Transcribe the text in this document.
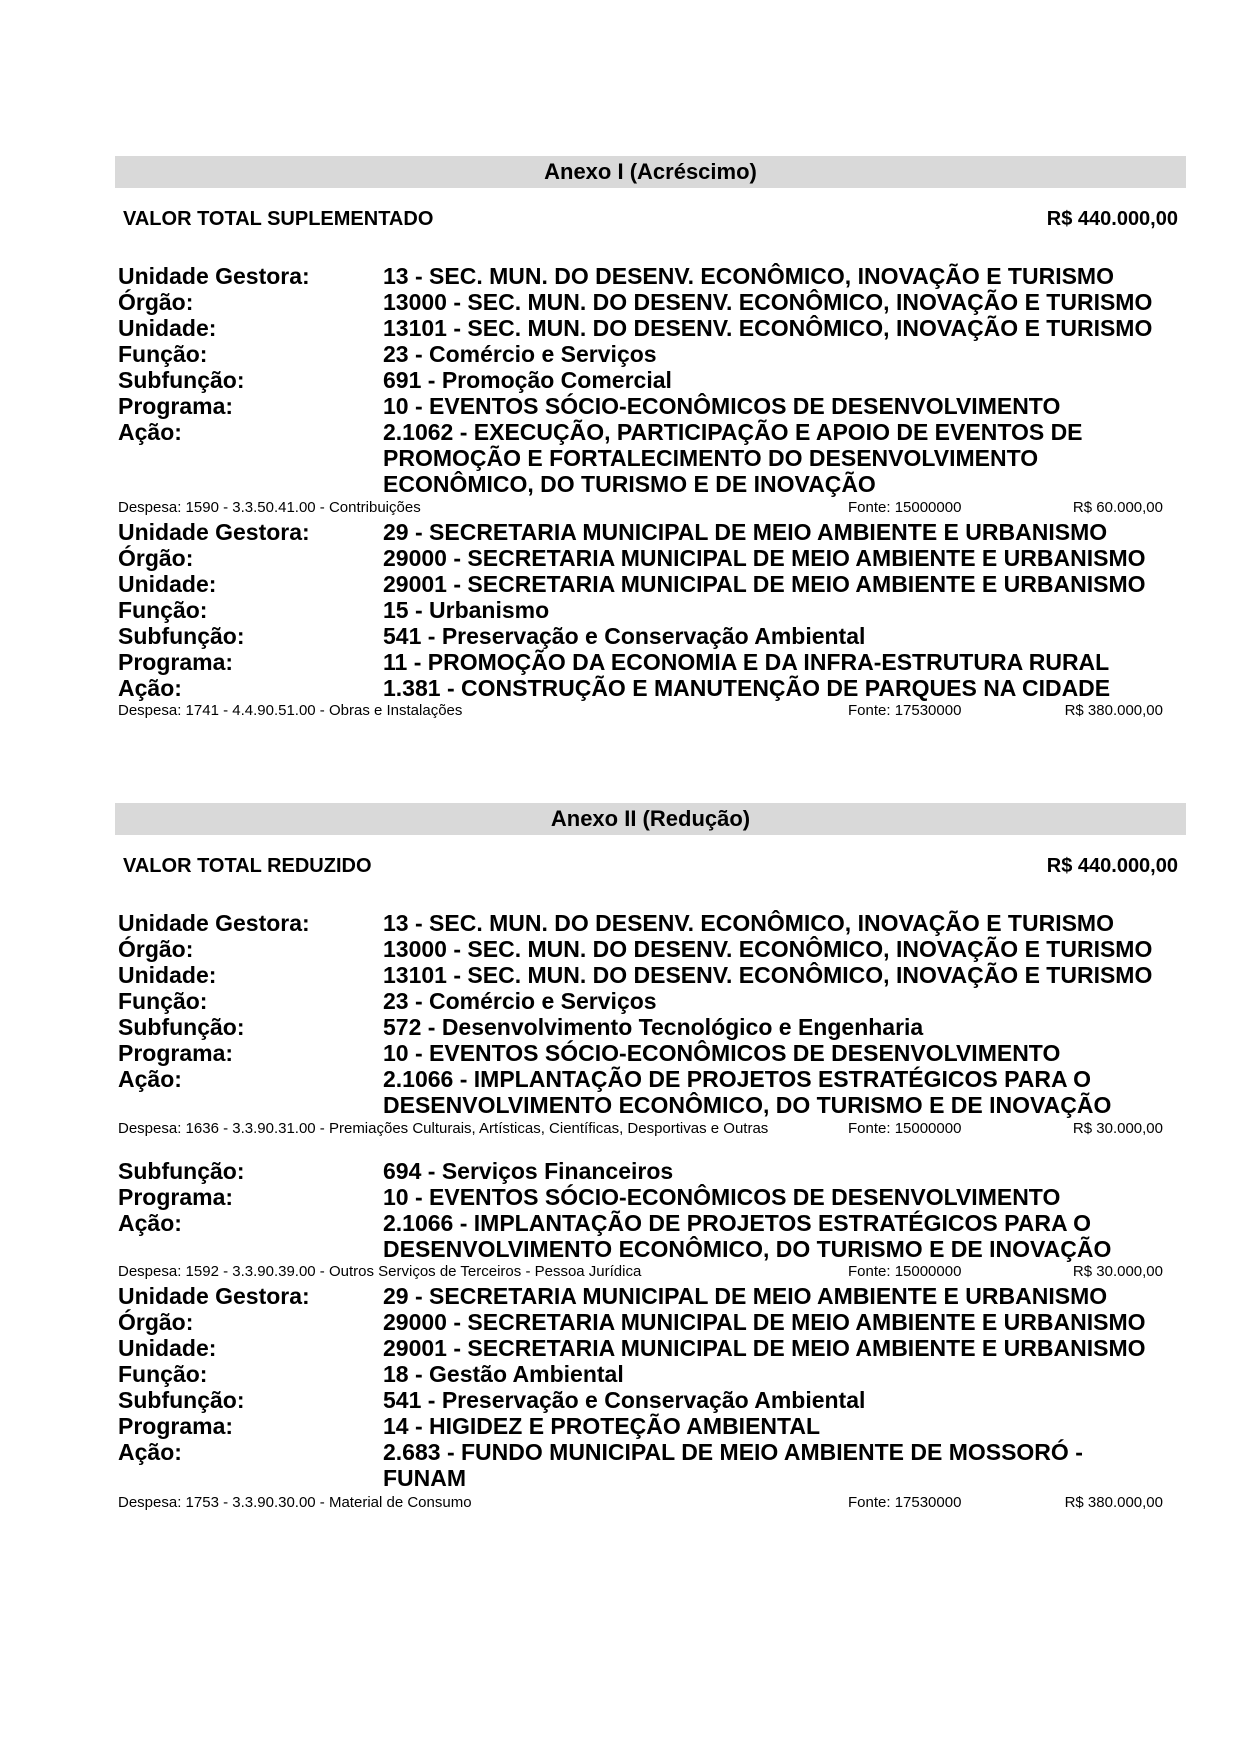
Anexo I (Acréscimo)
VALOR TOTAL SUPLEMENTADO	R$ 440.000,00
Unidade Gestora:	13 - SEC. MUN. DO DESENV. ECONÔMICO, INOVAÇÃO E TURISMO
Órgão:	13000 - SEC. MUN. DO DESENV. ECONÔMICO, INOVAÇÃO E TURISMO
Unidade:	13101 - SEC. MUN. DO DESENV. ECONÔMICO, INOVAÇÃO E TURISMO
Função:	23 - Comércio e Serviços
Subfunção:	691 - Promoção Comercial
Programa:	10 - EVENTOS SÓCIO-ECONÔMICOS DE DESENVOLVIMENTO
Ação:	2.1062 - EXECUÇÃO, PARTICIPAÇÃO E APOIO DE EVENTOS DE PROMOÇÃO E FORTALECIMENTO DO DESENVOLVIMENTO ECONÔMICO, DO TURISMO E DE INOVAÇÃO
Despesa: 1590 - 3.3.50.41.00 - Contribuições	Fonte: 15000000	R$ 60.000,00
Unidade Gestora:	29 - SECRETARIA MUNICIPAL DE MEIO AMBIENTE E URBANISMO
Órgão:	29000 - SECRETARIA MUNICIPAL DE MEIO AMBIENTE E URBANISMO
Unidade:	29001 - SECRETARIA MUNICIPAL DE MEIO AMBIENTE E URBANISMO
Função:	15 - Urbanismo
Subfunção:	541 - Preservação e Conservação Ambiental
Programa:	11 - PROMOÇÃO DA ECONOMIA E DA INFRA-ESTRUTURA RURAL
Ação:	1.381 - CONSTRUÇÃO E MANUTENÇÃO DE PARQUES NA CIDADE
Despesa: 1741 - 4.4.90.51.00 - Obras e Instalações	Fonte: 17530000	R$ 380.000,00
Anexo II (Redução)
VALOR TOTAL REDUZIDO	R$ 440.000,00
Unidade Gestora:	13 - SEC. MUN. DO DESENV. ECONÔMICO, INOVAÇÃO E TURISMO
Órgão:	13000 - SEC. MUN. DO DESENV. ECONÔMICO, INOVAÇÃO E TURISMO
Unidade:	13101 - SEC. MUN. DO DESENV. ECONÔMICO, INOVAÇÃO E TURISMO
Função:	23 - Comércio e Serviços
Subfunção:	572 - Desenvolvimento Tecnológico e Engenharia
Programa:	10 - EVENTOS SÓCIO-ECONÔMICOS DE DESENVOLVIMENTO
Ação:	2.1066 - IMPLANTAÇÃO DE PROJETOS ESTRATÉGICOS PARA O DESENVOLVIMENTO ECONÔMICO, DO TURISMO E DE INOVAÇÃO
Despesa: 1636 - 3.3.90.31.00 - Premiações Culturais, Artísticas, Científicas, Desportivas e Outras	Fonte: 15000000	R$ 30.000,00
Subfunção:	694 - Serviços Financeiros
Programa:	10 - EVENTOS SÓCIO-ECONÔMICOS DE DESENVOLVIMENTO
Ação:	2.1066 - IMPLANTAÇÃO DE PROJETOS ESTRATÉGICOS PARA O DESENVOLVIMENTO ECONÔMICO, DO TURISMO E DE INOVAÇÃO
Despesa: 1592 - 3.3.90.39.00 - Outros Serviços de Terceiros - Pessoa Jurídica	Fonte: 15000000	R$ 30.000,00
Unidade Gestora:	29 - SECRETARIA MUNICIPAL DE MEIO AMBIENTE E URBANISMO
Órgão:	29000 - SECRETARIA MUNICIPAL DE MEIO AMBIENTE E URBANISMO
Unidade:	29001 - SECRETARIA MUNICIPAL DE MEIO AMBIENTE E URBANISMO
Função:	18 - Gestão Ambiental
Subfunção:	541 - Preservação e Conservação Ambiental
Programa:	14 - HIGIDEZ E PROTEÇÃO AMBIENTAL
Ação:	2.683 - FUNDO MUNICIPAL DE MEIO AMBIENTE DE MOSSORÓ - FUNAM
Despesa: 1753 - 3.3.90.30.00 - Material de Consumo	Fonte: 17530000	R$ 380.000,00
